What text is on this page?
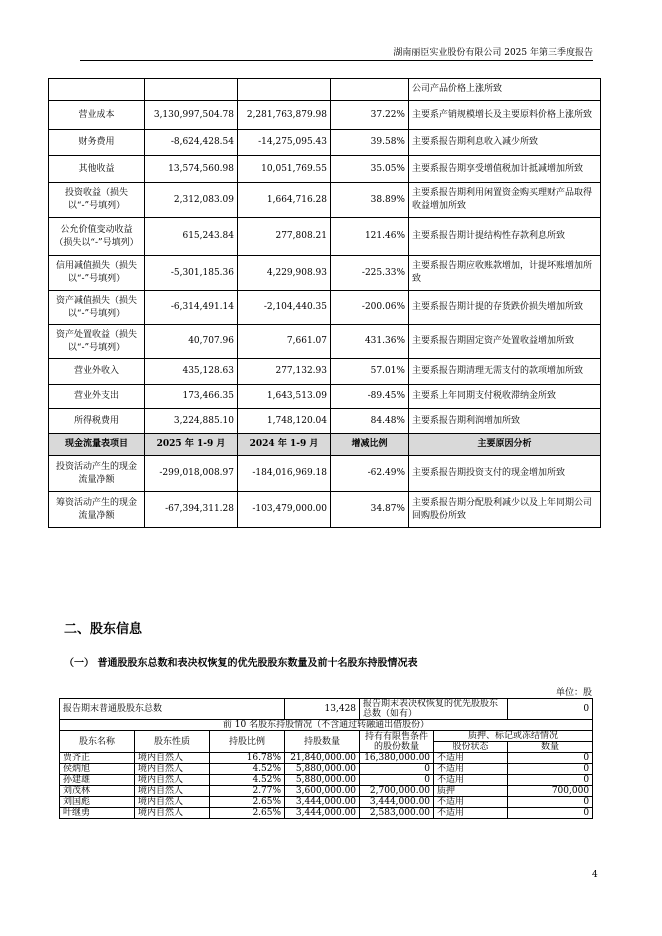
湖南丽臣实业股份有限公司 2025 年第三季度报告
				公司产品价格上涨所致
营业成本	3,130,997,504.78	2,281,763,879.98	37.22%	主要系产销规模增长及主要原料价格上涨所致
财务费用	-8,624,428.54	-14,275,095.43	39.58%	主要系报告期利息收入减少所致
其他收益	13,574,560.98	10,051,769.55	35.05%	主要系报告期享受增值税加计抵减增加所致
投资收益（损失以“-”号填列）	2,312,083.09	1,664,716.28	38.89%	主要系报告期利用闲置资金购买理财产品取得收益增加所致
公允价值变动收益（损失以“-”号填列）	615,243.84	277,808.21	121.46%	主要系报告期计提结构性存款利息所致
信用减值损失（损失以“-”号填列）	-5,301,185.36	4,229,908.93	-225.33%	主要系报告期应收账款增加，计提坏账增加所致
资产减值损失（损失以“-”号填列）	-6,314,491.14	-2,104,440.35	-200.06%	主要系报告期计提的存货跌价损失增加所致
资产处置收益（损失以“-”号填列）	40,707.96	7,661.07	431.36%	主要系报告期固定资产处置收益增加所致
营业外收入	435,128.63	277,132.93	57.01%	主要系报告期清理无需支付的款项增加所致
营业外支出	173,466.35	1,643,513.09	-89.45%	主要系上年同期支付税收滞纳金所致
所得税费用	3,224,885.10	1,748,120.04	84.48%	主要系报告期利润增加所致
现金流量表项目	2025 年 1-9 月	2024 年 1-9 月	增减比例	主要原因分析
投资活动产生的现金流量净额	-299,018,008.97	-184,016,969.18	-62.49%	主要系报告期投资支付的现金增加所致
筹资活动产生的现金流量净额	-67,394,311.28	-103,479,000.00	34.87%	主要系报告期分配股利减少以及上年同期公司回购股份所致
二、股东信息
（一） 普通股股东总数和表决权恢复的优先股股东数量及前十名股东持股情况表
单位：股
报告期末普通股股东总数			13,428	报告期末表决权恢复的优先股股东总数（如有）		0
前 10 名股东持股情况（不含通过转融通出借股份）						
股东名称	股东性质	持股比例	持股数量	持有有限售条件的股份数量	质押、标记或冻结情况	
					股份状态	数量
贾齐正	境内自然人	16.78%	21,840,000.00	16,380,000.00	不适用	0
侯炳旭	境内自然人	4.52%	5,880,000.00	0	不适用	0
孙建雄	境内自然人	4.52%	5,880,000.00	0	不适用	0
刘茂林	境内自然人	2.77%	3,600,000.00	2,700,000.00	质押	700,000
刘国彪	境内自然人	2.65%	3,444,000.00	3,444,000.00	不适用	0
叶继勇	境内自然人	2.65%	3,444,000.00	2,583,000.00	不适用	0
4
